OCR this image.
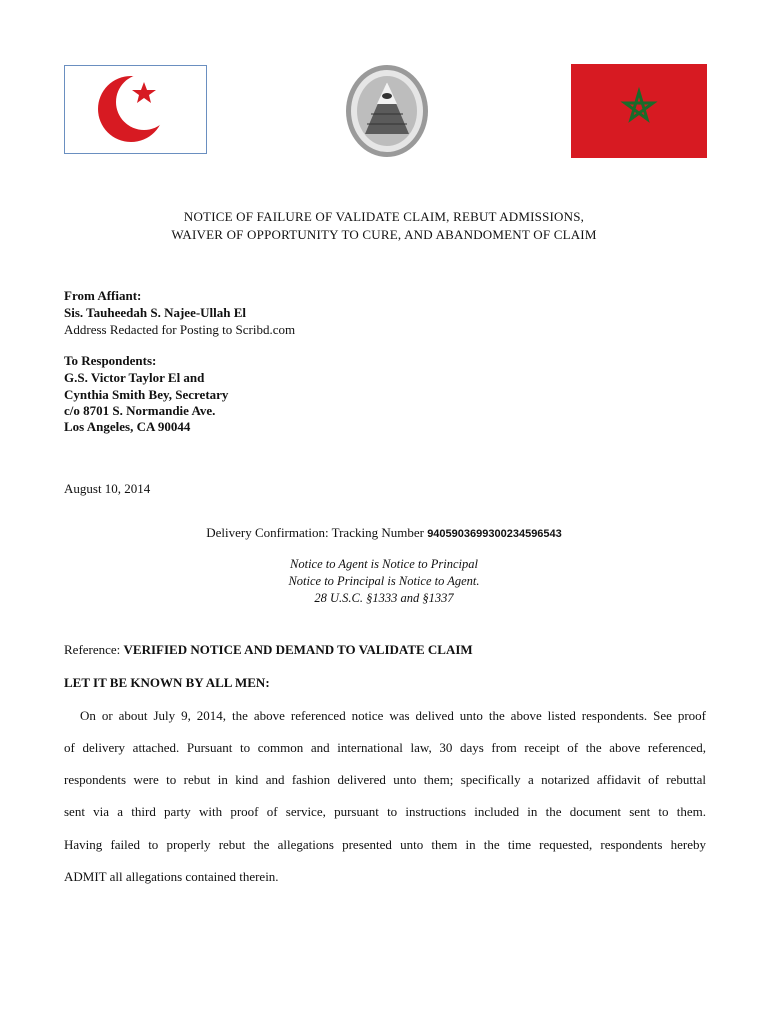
NOTICE OF FAILURE OF VALIDATE CLAIM, REBUT ADMISSIONS,
WAIVER OF OPPORTUNITY TO CURE, AND ABANDOMENT OF CLAIM
From Affiant:
Sis. Tauheedah S. Najee-Ullah El
Address Redacted for Posting to Scribd.com
To Respondents:
G.S. Victor Taylor El and
Cynthia Smith Bey, Secretary
c/o 8701 S. Normandie Ave.
Los Angeles, CA 90044
August 10, 2014
Delivery Confirmation: Tracking Number 9405903699300234596543
Notice to Agent is Notice to Principal
Notice to Principal is Notice to Agent.
28 U.S.C. §1333 and §1337
Reference: VERIFIED NOTICE AND DEMAND TO VALIDATE CLAIM
LET IT BE KNOWN BY ALL MEN:
On or about July 9, 2014, the above referenced notice was delived unto the above listed respondents. See proof
of delivery attached. Pursuant to common and international law, 30 days from receipt of the above referenced,
respondents were to rebut in kind and fashion delivered unto them; specifically a notarized affidavit of rebuttal
sent via a third party with proof of service, pursuant to instructions included in the document sent to them.
Having failed to properly rebut the allegations presented unto them in the time requested, respondents hereby
ADMIT all allegations contained therein.
